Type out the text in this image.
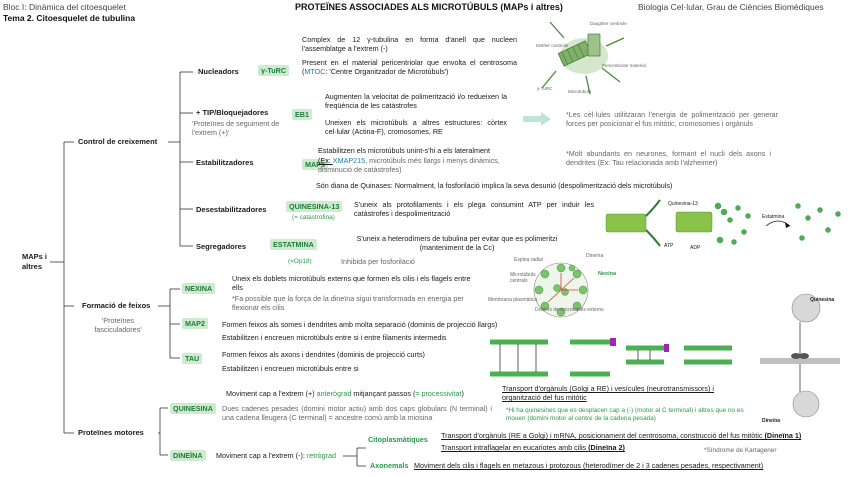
Bloc I: Dinàmica del citoesquelet
Tema 2. Citoesquelet de tubulina
PROTEÏNES ASSOCIADES ALS MICROTÚBULS (MAPs i altres)	Biologia Cel·lular, Grau de Ciències Biomèdiques
MAPs i
altres
Control de creixement
Nucleadors	γ-TuRC
Complex de 12 γ-tubulina en forma d'anell que nucleen l'assemblatge a l'extrem (-)
Present en el material pericentriolar que envolta el centrosoma (MTOC: 'Centre Organitzador de Microtúbuls')
Daughter centriole
Mother centriole
Pericentriolar material
γ-TuRC
Microtubule
+ TIP/Bloquejadores
'Proteïnes de seguiment de l'extrem (+)'
EB1
Augmenten la velocitat de polimerització i/o redueixen la freqüència de les catàstrofes
Uneixen els microtúbuls a altres estructures: còrtex cel·lular (Actina-F), cromosomes, RE
*Les cèl·lules utilitzaran l'energia de polimerització per generar forces per posicionar el fus mitòtic, cromosomes i orgànuls
Estabilitzadores	MAPs
Estabilitzen els microtúbuls unint-s'hi a els lateralment
(Ex: XMAP215, microtúbuls més llargs i menys dinàmics, disminució de catàstrofes)
*Molt abundants en neurones, formant el nucli dels axons i dendrites (Ex: Tau relacionada amb l'alzheimer)
Són diana de Quinases: Normalment, la fosforilació implica la seva desunió (despolimerització dels microtúbuls)
Desestabilitzadores	QUINESINA-13
(= catastrofina)
S'uneix als protofilaments i els plega consumint ATP per induir les catàstrofes i despolimerització
Quinesina-13
ATP	ADP
Estatmina
Segregadores	ESTATMINA
(=Op18)
S'uneix a heterodímers de tubulina per evitar que es polimeritzi (manteniment de la Cc)
Inhibida per fosforilació
Formació de feixos
'Proteïnes fasciculadores'
NEXINA
Uneix els doblets microtúbuls externs que formen els cilis i els flagels entre ells
*Fa possible que la força de la dineïna sigui transformada en energia per flexionar els cilis
MAP2	Formen feixos als somes i dendrites amb molta separació (dominis de projecció llargs)
Estabilitzen i encreuen microtúbuls entre si i entre filaments intermedis
TAU	Formen feixos als axons i dendrites (dominis de projecció curts)
Estabilitzen i encreuen microtúbuls entre si
Dineïna
Espina radial
Nexina
Microtúbuls centrals
Membrana plasmàtica
Doblets de microtúbuls externs
Proteïnes motores
QUINESINA
Moviment cap a l'extrem (+) anterògrad mitjançant passos (= processivitat)
Dues cadenes pesades (domini motor actiu) amb dos caps globulars (N terminal) i una cadena lleugera (C terminal) = ancestre comú amb la miosina
Transport d'orgànuls (Golgi a RE) i vesícules (neurotransmissors) i organització del fus mitòtic
*Hi ha quinesines que es desplacen cap a (-) (motor al C terminal) i altres que no es mouen (domini motor al centre de la cadena pesada)
DINEÏNA	Moviment cap a l'extrem (-): retrògrad
Citoplasmàtiques Transport d'orgànuls (RE a Golgi) i mRNA, posicionament del centrosoma, construcció del fus mitòtic (Dineïna 1)
Transport intraflagelar en eucariotes amb cilis (Dineïna 2)	*Síndrome de Kartagener
Axonemals Moviment dels cilis i flagels en metazous i protozous (heterodímer de 2 i 3 cadenes pesades, respectivament)
Quinesina
Dineïna
